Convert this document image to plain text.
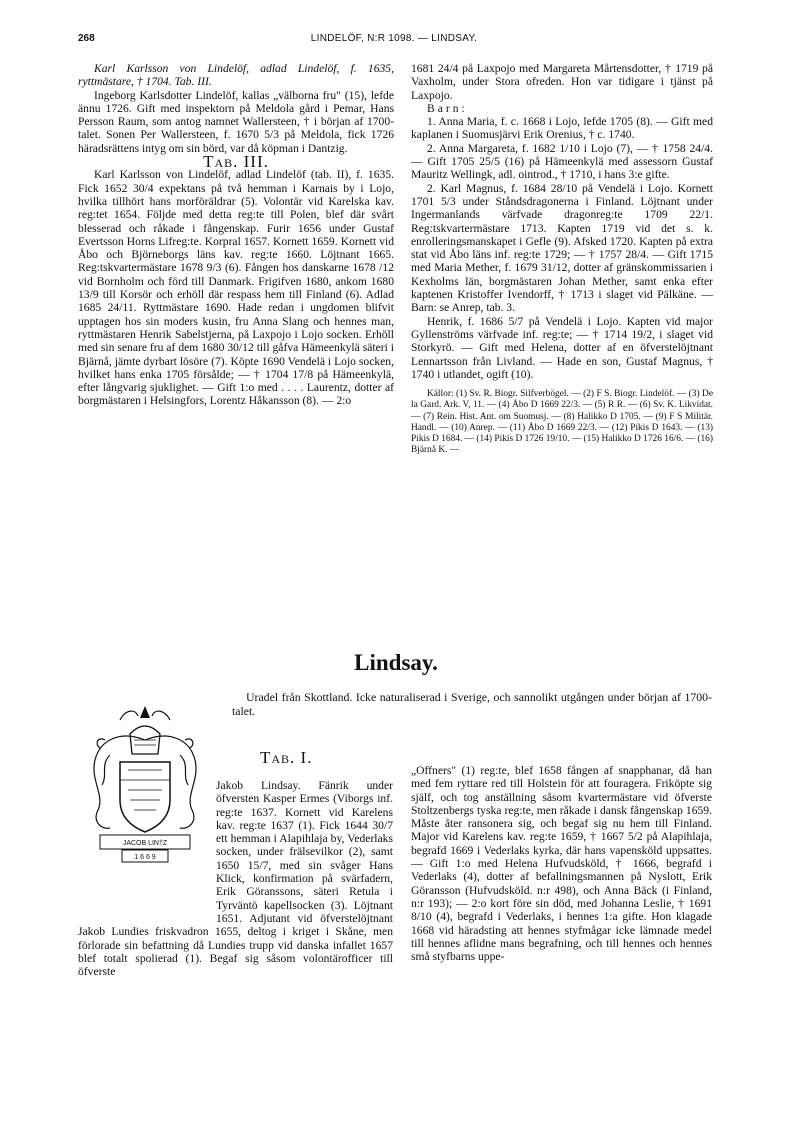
268	LINDELÖF, N:R 1098. — LINDSAY.

Karl Karlsson von Lindelöf, adlad Lindelöf, f. 1635, ryttmästare, † 1704. Tab. III.

Ingeborg Karlsdotter Lindelöf, kallas „välborna fru" (15), lefde ännu 1726. Gift med inspektorn på Meldola gård i Pemar, Hans Persson Raum, som antog namnet Wallersteen, † i början af 1700-talet. Sonen Per Wallersteen, f. 1670 5/3 på Meldola, fick 1726 häradsrättens intyg om sin börd, var då köpman i Dantzig.

Tab. III.

Karl Karlsson von Lindelöf, adlad Lindelöf (tab. II), f. 1635. Fick 1652 30/4 expektans på två hemman i Karnais by i Lojo, hvilka tillhört hans morföräldrar (5). Volontär vid Karelska kav. reg:tet 1654. Följde med detta reg:te till Polen, blef där svårt blesserad och råkade i fångenskap. Furir 1656 under Gustaf Evertsson Horns Lifreg:te. Korpral 1657. Kornett 1659. Kornett vid Åbo och Björneborgs läns kav. reg:te 1660. Löjtnant 1665. Reg:tskvartermästare 1678 9/3 (6). Fången hos danskarne 1678 /12 vid Bornholm och förd till Danmark. Frigifven 1680, ankom 1680 13/9 till Korsör och erhöll där respass hem till Finland (6). Adlad 1685 24/11. Ryttmästare 1690. Hade redan i ungdomen blifvit upptagen hos sin moders kusin, fru Anna Slang och hennes man, ryttmästaren Henrik Sabelstjerna, på Laxpojo i Lojo socken. Erhöll med sin senare fru af dem 1680 30/12 till gåfva Hämeenkylä säteri i Bjärnå, jämte dyrbart lösöre (7). Köpte 1690 Vendelä i Lojo socken, hvilket hans enka 1705 försålde; — † 1704 17/8 på Hämeenkylä, efter långvarig sjuklighet. — Gift 1:o med . . . . Laurentz, dotter af borgmästaren i Helsingfors, Lorentz Håkansson (8). — 2:o

1681 24/4 på Laxpojo med Margareta Mårtensdotter, † 1719 på Vaxholm, under Stora ofreden. Hon var tidigare i tjänst på Laxpojo.

Barn:

1. Anna Maria, f. c. 1668 i Lojo, lefde 1705 (8). — Gift med kaplanen i Suomusjärvi Erik Orenius, † c. 1740.

2. Anna Margareta, f. 1682 1/10 i Lojo (7), — † 1758 24/4. — Gift 1705 25/5 (16) på Hämeenkylä med assessorn Gustaf Mauritz Wellingk, adl. ointrod., † 1710, i hans 3:e gifte.

2. Karl Magnus, f. 1684 28/10 på Vendelä i Lojo. Kornett 1701 5/3 under Ståndsdragonerna i Finland. Löjtnant under Ingermanlands värfvade dragonreg:te 1709 22/1. Reg:tskvartermästare 1713. Kapten 1719 vid det s. k. enrolleringsmanskapet i Gefle (9). Afsked 1720. Kapten på extra stat vid Åbo läns inf. reg:te 1729; — † 1757 28/4. — Gift 1715 med Maria Mether, f. 1679 31/12, dotter af gränskommissarien i Kexholms län, borgmästaren Johan Mether, samt enka efter kaptenen Kristoffer Ivendorff, † 1713 i slaget vid Pälkäne. — Barn: se Anrep, tab. 3.

Henrik, f. 1686 5/7 på Vendelä i Lojo. Kapten vid major Gyllenströms värfvade inf. reg:te; — † 1714 19/2, i slaget vid Storkyrö. — Gift med Helena, dotter af en öfverstelöjtnant Lennartsson från Livland. — Hade en son, Gustaf Magnus, † 1740 i utlandet, ogift (10).

Källor: (1) Sv. R. Biogr. Silfverbögel. — (2) F S. Biogr. Lindelöf. — (3) De la Gard. Ark. V, 11. — (4) Åbo D 1669 22/3. — (5) R R. — (6) Sv. K. Likvidat. — (7) Rein. Hist. Ant. om Suomusj. — (8) Halikko D 1705. — (9) F S Militär. Handl. — (10) Anrep. — (11) Åbo D 1669 22/3. — (12) Pikis D 1643. — (13) Pikis D 1684. — (14) Pikis D 1726 19/10. — (15) Halikko D 1726 16/6. — (16) Bjärnå K. —

Lindsay.

Uradel från Skottland. Icke naturaliserad i Sverige, och sannolikt utgången under början af 1700-talet.

JACOB LIN†Z
1 6 6 9
Tab. I.

Jakob Lindsay. Fänrik under öfversten Kasper Ermes (Viborgs inf. reg:te 1637. Kornett vid Karelens kav. reg:te 1637 (1). Fick 1644 30/7 ett hemman i Alapihlaja by, Vederlaks socken, under frälsevilkor (2), samt 1650 15/7, med sin svåger Hans Klick, konfirmation på svärfadern, Erik Göranssons, säteri Retula i Tyrväntö kapellsocken (3). Löjtnant 1651. Adjutant vid öfverstelöjtnant Jakob Lundies friskvadron 1655, deltog i kriget i Skåne, men förlorade sin befattning då Lundies trupp vid danska infallet 1657 blef totalt spolierad (1). Begaf sig såsom volontärofficer till öfverste

„Offners" (1) reg:te, blef 1658 fången af snapphanar, då han med fem ryttare red till Holstein för att fouragera. Friköpte sig själf, och tog anställning såsom kvartermästare vid öfverste Stoltzenbergs tyska reg:te, men råkade i dansk fångenskap 1659. Måste åter ransonera sig, och begaf sig nu hem till Finland. Major vid Karelens kav. reg:te 1659, † 1667 5/2 på Alapihlaja, begrafd 1669 i Vederlaks kyrka, där hans vapensköld uppsattes. — Gift 1:o med Helena Hufvudsköld, † 1666, begrafd i Vederlaks (4), dotter af befallningsmannen på Nyslott, Erik Göransson (Hufvudsköld. n:r 498), och Anna Bäck (i Finland, n:r 193); — 2:o kort före sin död, med Johanna Leslie, † 1691 8/10 (4), begrafd i Vederlaks, i hennes 1:a gifte. Hon klagade 1668 vid häradsting att hennes styfmågar icke lämnade medel till hennes aflidne mans begrafning, och till hennes och hennes små styfbarns uppe-
